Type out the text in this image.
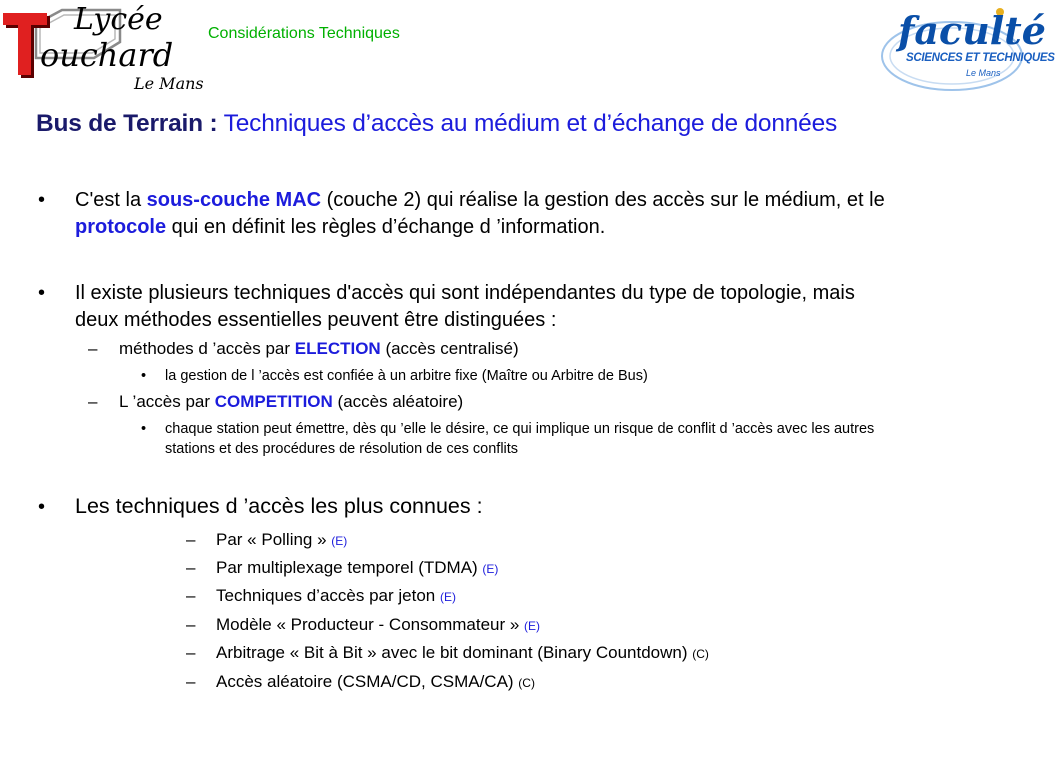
Lycée
ouchard
Le Mans
Considérations Techniques	faculté
SCIENCES ET TECHNIQUES
Le Mans
Bus de Terrain : Techniques d’accès au médium et d’échange de données
• C'est la sous-couche MAC (couche 2) qui réalise la gestion des accès sur le médium, et le
protocole qui en définit les règles d’échange d ’information.
• Il existe plusieurs techniques d'accès qui sont indépendantes du type de topologie, mais
deux méthodes essentielles peuvent être distinguées :
– méthodes d ’accès par ELECTION (accès centralisé)
• la gestion de l ’accès est confiée à un arbitre fixe (Maître ou Arbitre de Bus)
– L ’accès par COMPETITION (accès aléatoire)
• chaque station peut émettre, dès qu ’elle le désire, ce qui implique un risque de conflit d ’accès avec les autres
stations et des procédures de résolution de ces conflits
• Les techniques d ’accès les plus connues :
– Par « Polling » (E)
– Par multiplexage temporel (TDMA) (E)
– Techniques d’accès par jeton (E)
– Modèle « Producteur - Consommateur » (E)
– Arbitrage « Bit à Bit » avec le bit dominant (Binary Countdown) (C)
– Accès aléatoire (CSMA/CD, CSMA/CA) (C)
